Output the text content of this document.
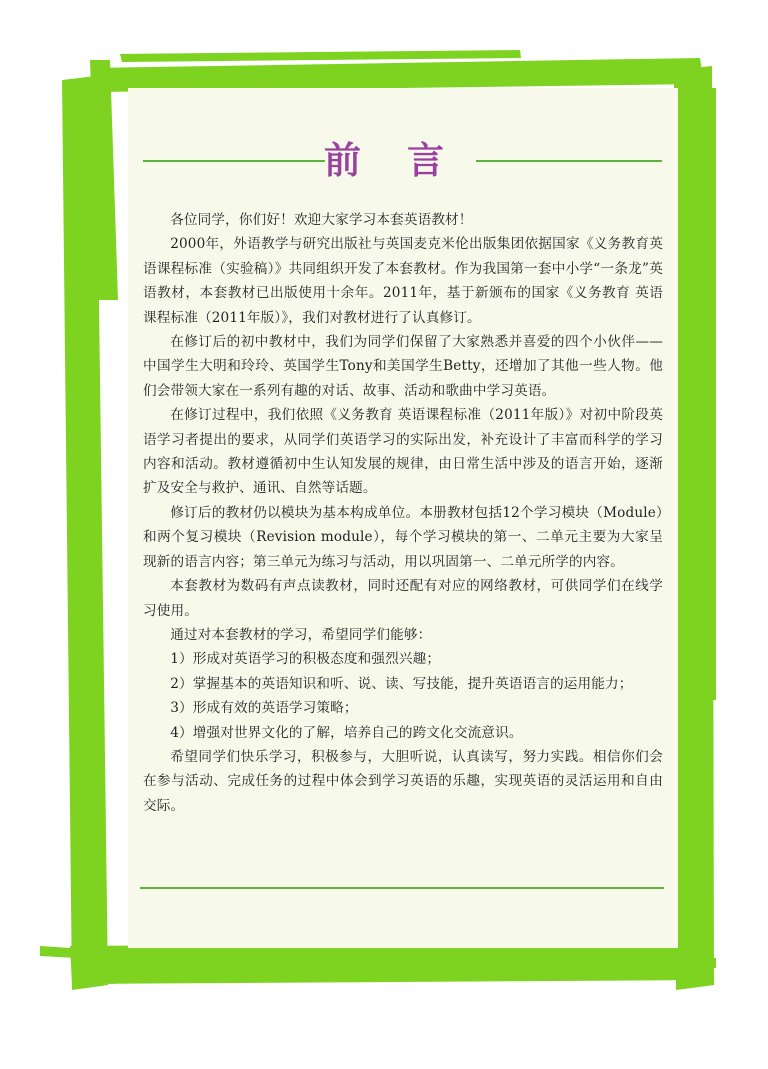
前言

各位同学，你们好！欢迎大家学习本套英语教材！

2000年，外语教学与研究出版社与英国麦克米伦出版集团依据国家《义务教育英语课程标准（实验稿）》共同组织开发了本套教材。作为我国第一套中小学“一条龙”英语教材，本套教材已出版使用十余年。2011年，基于新颁布的国家《义务教育 英语课程标准（2011年版）》，我们对教材进行了认真修订。

在修订后的初中教材中，我们为同学们保留了大家熟悉并喜爱的四个小伙伴——中国学生大明和玲玲、英国学生Tony和美国学生Betty，还增加了其他一些人物。他们会带领大家在一系列有趣的对话、故事、活动和歌曲中学习英语。

在修订过程中，我们依照《义务教育 英语课程标准（2011年版）》对初中阶段英语学习者提出的要求，从同学们英语学习的实际出发，补充设计了丰富而科学的学习内容和活动。教材遵循初中生认知发展的规律，由日常生活中涉及的语言开始，逐渐扩及安全与救护、通讯、自然等话题。

修订后的教材仍以模块为基本构成单位。本册教材包括12个学习模块（Module）和两个复习模块（Revision module），每个学习模块的第一、二单元主要为大家呈现新的语言内容；第三单元为练习与活动，用以巩固第一、二单元所学的内容。

本套教材为数码有声点读教材，同时还配有对应的网络教材，可供同学们在线学习使用。

通过对本套教材的学习，希望同学们能够：

1）形成对英语学习的积极态度和强烈兴趣；

2）掌握基本的英语知识和听、说、读、写技能，提升英语语言的运用能力；

3）形成有效的英语学习策略；

4）增强对世界文化的了解，培养自己的跨文化交流意识。

希望同学们快乐学习，积极参与，大胆听说，认真读写，努力实践。相信你们会在参与活动、完成任务的过程中体会到学习英语的乐趣，实现英语的灵活运用和自由交际。
